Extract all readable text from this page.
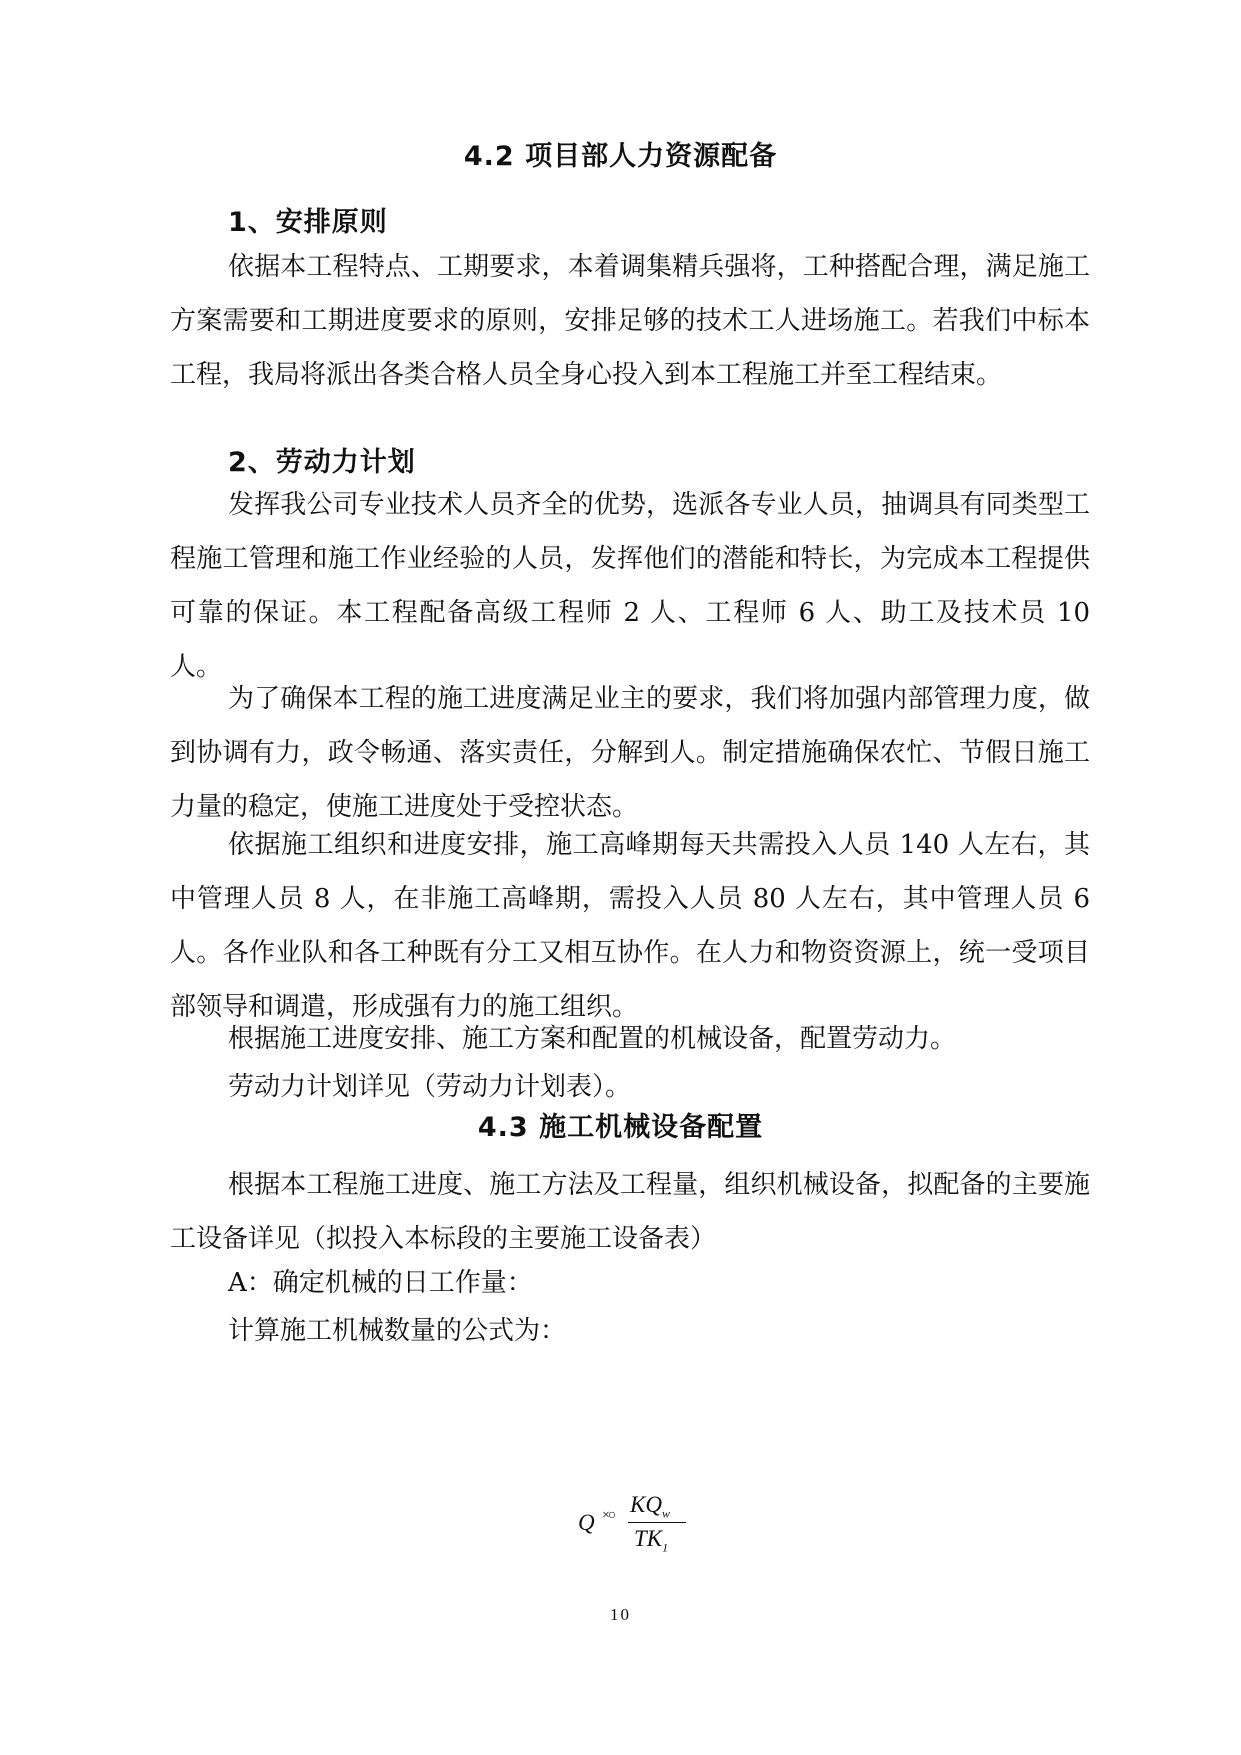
4.2 项目部人力资源配备
1、安排原则

依据本工程特点、工期要求，本着调集精兵强将，工种搭配合理，满足施工方案需要和工期进度要求的原则，安排足够的技术工人进场施工。若我们中标本工程，我局将派出各类合格人员全身心投入到本工程施工并至工程结束。

2、劳动力计划

发挥我公司专业技术人员齐全的优势，选派各专业人员，抽调具有同类型工程施工管理和施工作业经验的人员，发挥他们的潜能和特长，为完成本工程提供可靠的保证。本工程配备高级工程师 2 人、工程师 6 人、助工及技术员 10 人。

为了确保本工程的施工进度满足业主的要求，我们将加强内部管理力度，做到协调有力，政令畅通、落实责任，分解到人。制定措施确保农忙、节假日施工力量的稳定，使施工进度处于受控状态。

依据施工组织和进度安排，施工高峰期每天共需投入人员 140 人左右，其中管理人员 8 人，在非施工高峰期，需投入人员 80 人左右，其中管理人员 6 人。各作业队和各工种既有分工又相互协作。在人力和物资资源上，统一受项目部领导和调遣，形成强有力的施工组织。

根据施工进度安排、施工方案和配置的机械设备，配置劳动力。

劳动力计划详见（劳动力计划表）。

4.3 施工机械设备配置

根据本工程施工进度、施工方法及工程量，组织机械设备，拟配备的主要施工设备详见（拟投入本标段的主要施工设备表）

A：确定机械的日工作量：

计算施工机械数量的公式为：

Q ×○ $KQ_w$
$TK_1$
10
